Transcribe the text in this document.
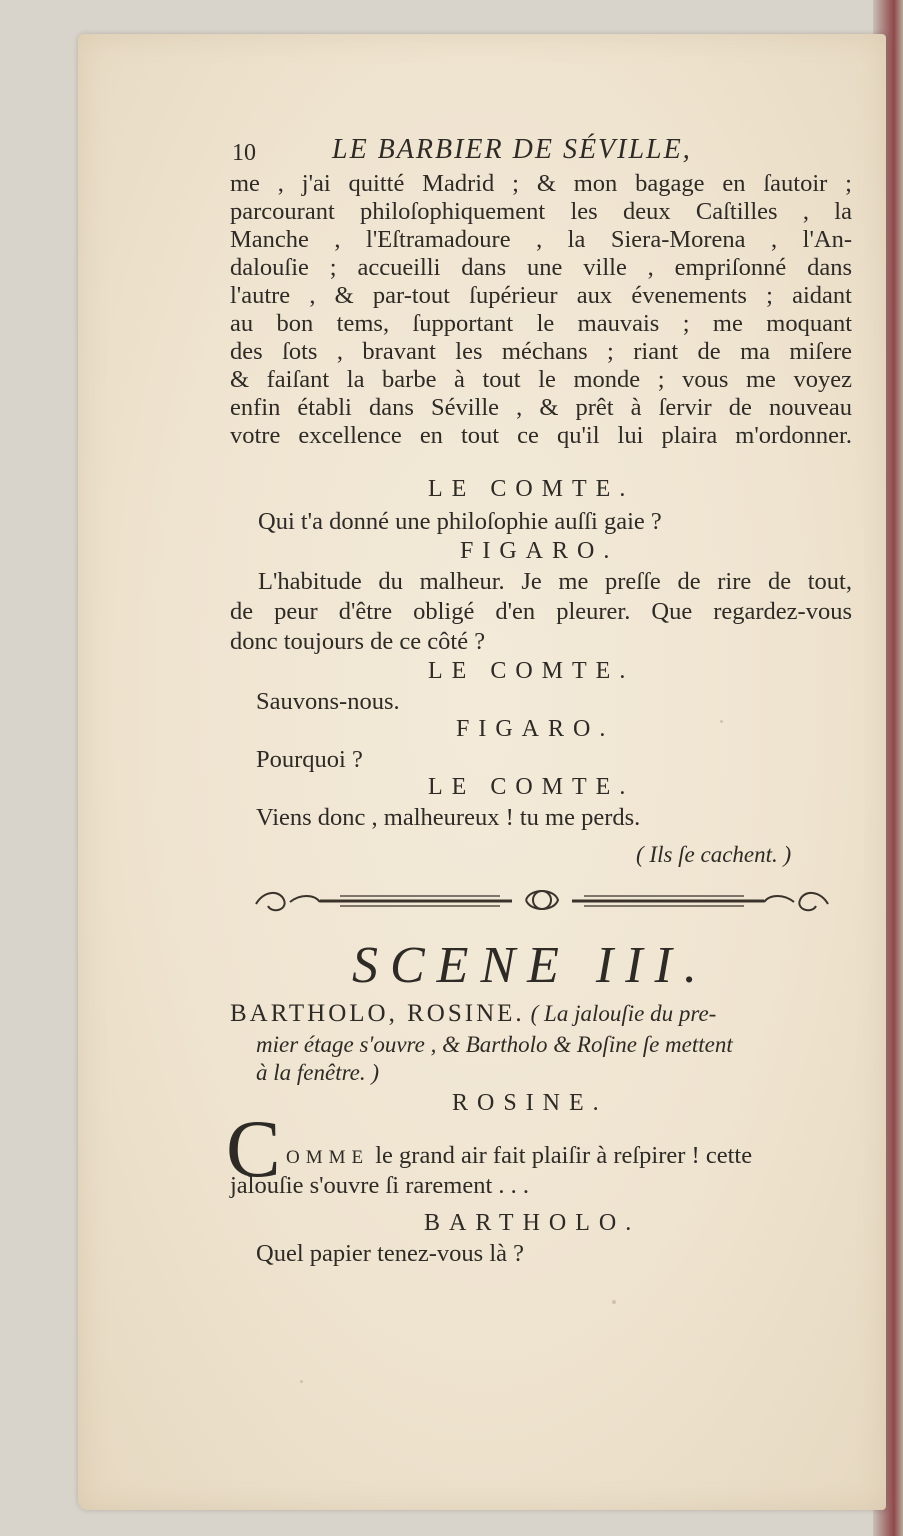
10	LE BARBIER DE SÉVILLE,
me , j'ai quitté Madrid ; & mon bagage en ſautoir ;
parcourant philoſophiquement les deux Caſtilles , la
Manche , l'Eſtramadoure , la Siera-Morena , l'An-
dalouſie ; accueilli dans une ville , empriſonné dans
l'autre , & par-tout ſupérieur aux évenements ; aidant
au bon tems, ſupportant le mauvais ; me moquant
des ſots , bravant les méchans ; riant de ma miſere
& faiſant la barbe à tout le monde ; vous me voyez
enfin établi dans Séville , & prêt à ſervir de nouveau
votre excellence en tout ce qu'il lui plaira m'ordonner.
LE COMTE.
Qui t'a donné une philoſophie auſſi gaie ?
FIGARO.
L'habitude du malheur. Je me preſſe de rire de tout,
de peur d'être obligé d'en pleurer. Que regardez-vous
donc toujours de ce côté ?
LE COMTE.
Sauvons-nous.
FIGARO.
Pourquoi ?
LE COMTE.
Viens donc , malheureux ! tu me perds.
( Ils ſe cachent. )
SCENE III.
BARTHOLO, ROSINE. ( La jalouſie du pre-
mier étage s'ouvre , & Bartholo & Roſine ſe mettent
à la fenêtre. )
ROSINE.
C OMME le grand air fait plaiſir à reſpirer ! cette
jalouſie s'ouvre ſi rarement . . .
BARTHOLO.
Quel papier tenez-vous là ?
